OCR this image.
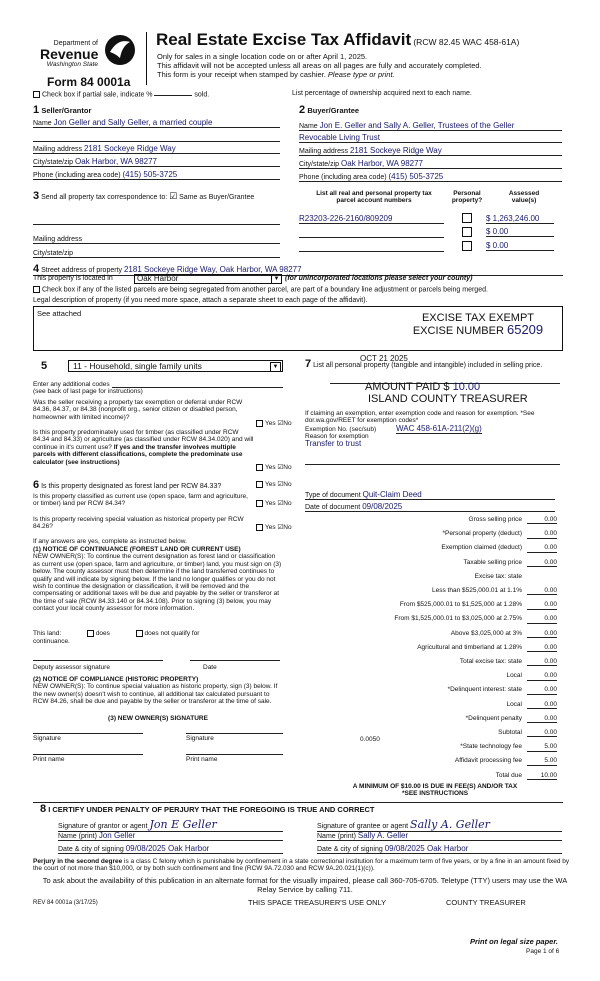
Department of
Revenue
Washington State
Form 84 0001a
Real Estate Excise Tax Affidavit (RCW 82.45 WAC 458-61A)
Only for sales in a single location code on or after April 1, 2025.
This affidavit will not be accepted unless all areas on all pages are fully and accurately completed.
This form is your receipt when stamped by cashier. Please type or print.
Check box if partial sale, indicate %	sold.	List percentage of ownership acquired next to each name.
1 Seller/Grantor
Name Jon Geller and Sally Geller, a married couple
Mailing address 2181 Sockeye Ridge Way
City/state/zip Oak Harbor, WA 98277
Phone (including area code) (415) 505-3725
2 Buyer/Grantee
Name Jon E. Geller and Sally A. Geller, Trustees of the Geller
Revocable Living Trust
Mailing address 2181 Sockeye Ridge Way
City/state/zip Oak Harbor, WA 98277
Phone (including area code) (415) 505-3725
3 Send all property tax correspondence to: ☑ Same as Buyer/Grantee
Mailing address
City/state/zip
List all real and personal property tax
parcel account numbers
Personal
property?
Assessed
value(s)
R23203-226-2160/809209	$ 1,263,246.00
$ 0.00
$ 0.00
4 Street address of property 2181 Sockeye Ridge Way, Oak Harbor, WA 98277
This property is located in	Oak Harbor	▼ (for unincorporated locations please select your county)
Check box if any of the listed parcels are being segregated from another parcel, are part of a boundary line adjustment or parcels being merged.
Legal description of property (if you need more space, attach a separate sheet to each page of the affidavit).
See attached	EXCISE TAX EXEMPT
EXCISE NUMBER 65209
5	11 - Household, single family units	▼
Enter any additional codes
(see back of last page for instructions)
Was the seller receiving a property tax exemption or deferral under RCW 84.36, 84.37, or 84.38 (nonprofit org., senior citizen or disabled person, homeowner with limited income)?
Yes ☑No
Is this property predominately used for timber (as classified under RCW 84.34 and 84.33) or agriculture (as classified under RCW 84.34.020) and will continue in it's current use? If yes and the transfer involves multiple parcels with different classifications, complete the predominate use calculator (see instructions)
Yes ☑No
6 Is this property designated as forest land per RCW 84.33?	Yes ☑No
Is this property classified as current use (open space, farm and agriculture, or timber) land per RCW 84.34?	Yes ☑No
Is this property receiving special valuation as historical property per RCW 84.26?	Yes ☑No
If any answers are yes, complete as instructed below.
(1) NOTICE OF CONTINUANCE (FOREST LAND OR CURRENT USE)
NEW OWNER(S): To continue the current designation as forest land or classification as current use (open space, farm and agriculture, or timber) land, you must sign on (3) below. The county assessor must then determine if the land transferred continues to qualify and will indicate by signing below. If the land no longer qualifies or you do not wish to continue the designation or classification, it will be removed and the compensating or additional taxes will be due and payable by the seller or transferor at the time of sale (RCW 84.33.140 or 84.34.108). Prior to signing (3) below, you may contact your local county assessor for more information.
This land:	does	does not qualify for
continuance.
Deputy assessor signature	Date
(2) NOTICE OF COMPLIANCE (HISTORIC PROPERTY)
NEW OWNER(S): To continue special valuation as historic property, sign (3) below. If the new owner(s) doesn't wish to continue, all additional tax calculated pursuant to RCW 84.26, shall be due and payable by the seller or transferor at the time of sale.
(3) NEW OWNER(S) SIGNATURE
Signature	Signature
Print name	Print name
7 List all personal property (tangible and intangible) included in selling price.
OCT 21 2025
AMOUNT PAID $ 10.00
ISLAND COUNTY TREASURER
If claiming an exemption, enter exemption code and reason for exemption. *See dor.wa.gov/REET for exemption codes*
Exemption No. (sec/sub) WAC 458-61A-211(2)(g)
Reason for exemption
Transfer to trust
Type of document Quit-Claim Deed
Date of document 09/08/2025
Gross selling price	0.00
*Personal property (deduct)	0.00
Exemption claimed (deduct)	0.00
Taxable selling price	0.00
Excise tax: state
Less than $525,000.01 at 1.1%	0.00
From $525,000.01 to $1,525,000 at 1.28%	0.00
From $1,525,000.01 to $3,025,000 at 2.75%	0.00
Above $3,025,000 at 3%	0.00
Agricultural and timberland at 1.28%	0.00
Total excise tax: state	0.00
Local	0.00
*Delinquent interest: state	0.00
Local	0.00
*Delinquent penalty	0.00
Subtotal	0.00
*State technology fee	5.00
Affidavit processing fee	5.00
Total due	10.00
0.0050
A MINIMUM OF $10.00 IS DUE IN FEE(S) AND/OR TAX
*SEE INSTRUCTIONS
8 I CERTIFY UNDER PENALTY OF PERJURY THAT THE FOREGOING IS TRUE AND CORRECT
Signature of grantor or agent Jon E Geller
Name (print) Jon Geller
Date & city of signing 09/08/2025 Oak Harbor
Signature of grantee or agent Sally A. Geller
Name (print) Sally A. Geller
Date & city of signing 09/08/2025 Oak Harbor
Perjury in the second degree is a class C felony which is punishable by confinement in a state correctional institution for a maximum term of five years, or by a fine in an amount fixed by the court of not more than $10,000, or by both such confinement and fine (RCW 9A.72.030 and RCW 9A.20.021(1)(c)).
To ask about the availability of this publication in an alternate format for the visually impaired, please call 360-705-6705. Teletype (TTY) users may use the WA Relay Service by calling 711.
REV 84 0001a (3/17/25)	THIS SPACE TREASURER'S USE ONLY	COUNTY TREASURER
Print on legal size paper.
Page 1 of 6
